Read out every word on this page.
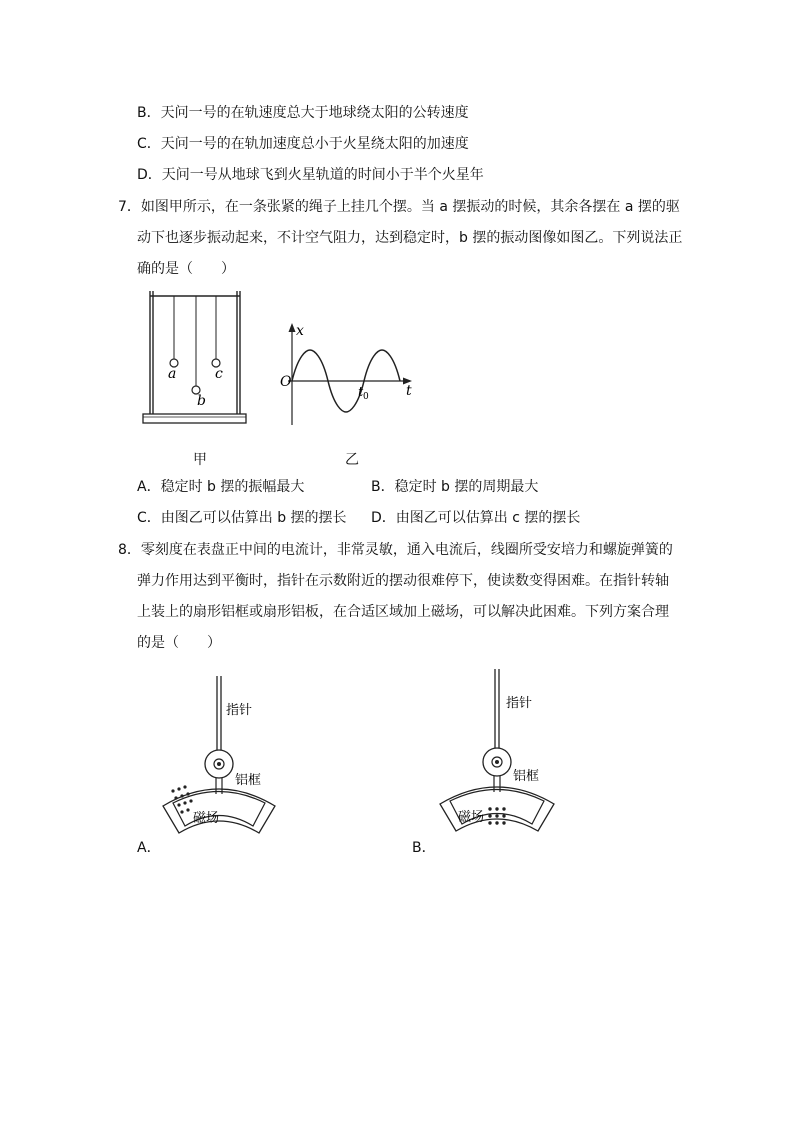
B．天问一号的在轨速度总大于地球绕太阳的公转速度
C．天问一号的在轨加速度总小于火星绕太阳的加速度
D．天问一号从地球飞到火星轨道的时间小于半个火星年
7．如图甲所示，在一条张紧的绳子上挂几个摆。当 a 摆振动的时候，其余各摆在 a 摆的驱
动下也逐步振动起来，不计空气阻力，达到稳定时，b 摆的振动图像如图乙。下列说法正
确的是（　　）
a
b
c
x
t
O
t 0
甲	乙
A．稳定时 b 摆的振幅最大	B．稳定时 b 摆的周期最大
C．由图乙可以估算出 b 摆的摆长 D．由图乙可以估算出 c 摆的摆长
8．零刻度在表盘正中间的电流计，非常灵敏，通入电流后，线圈所受安培力和螺旋弹簧的
弹力作用达到平衡时，指针在示数附近的摆动很难停下，使读数变得困难。在指针转轴
上装上的扇形铝框或扇形铝板，在合适区域加上磁场，可以解决此困难。下列方案合理
的是（　　）
指针
铝框
磁场
A．
指针
铝框
磁场
B．
